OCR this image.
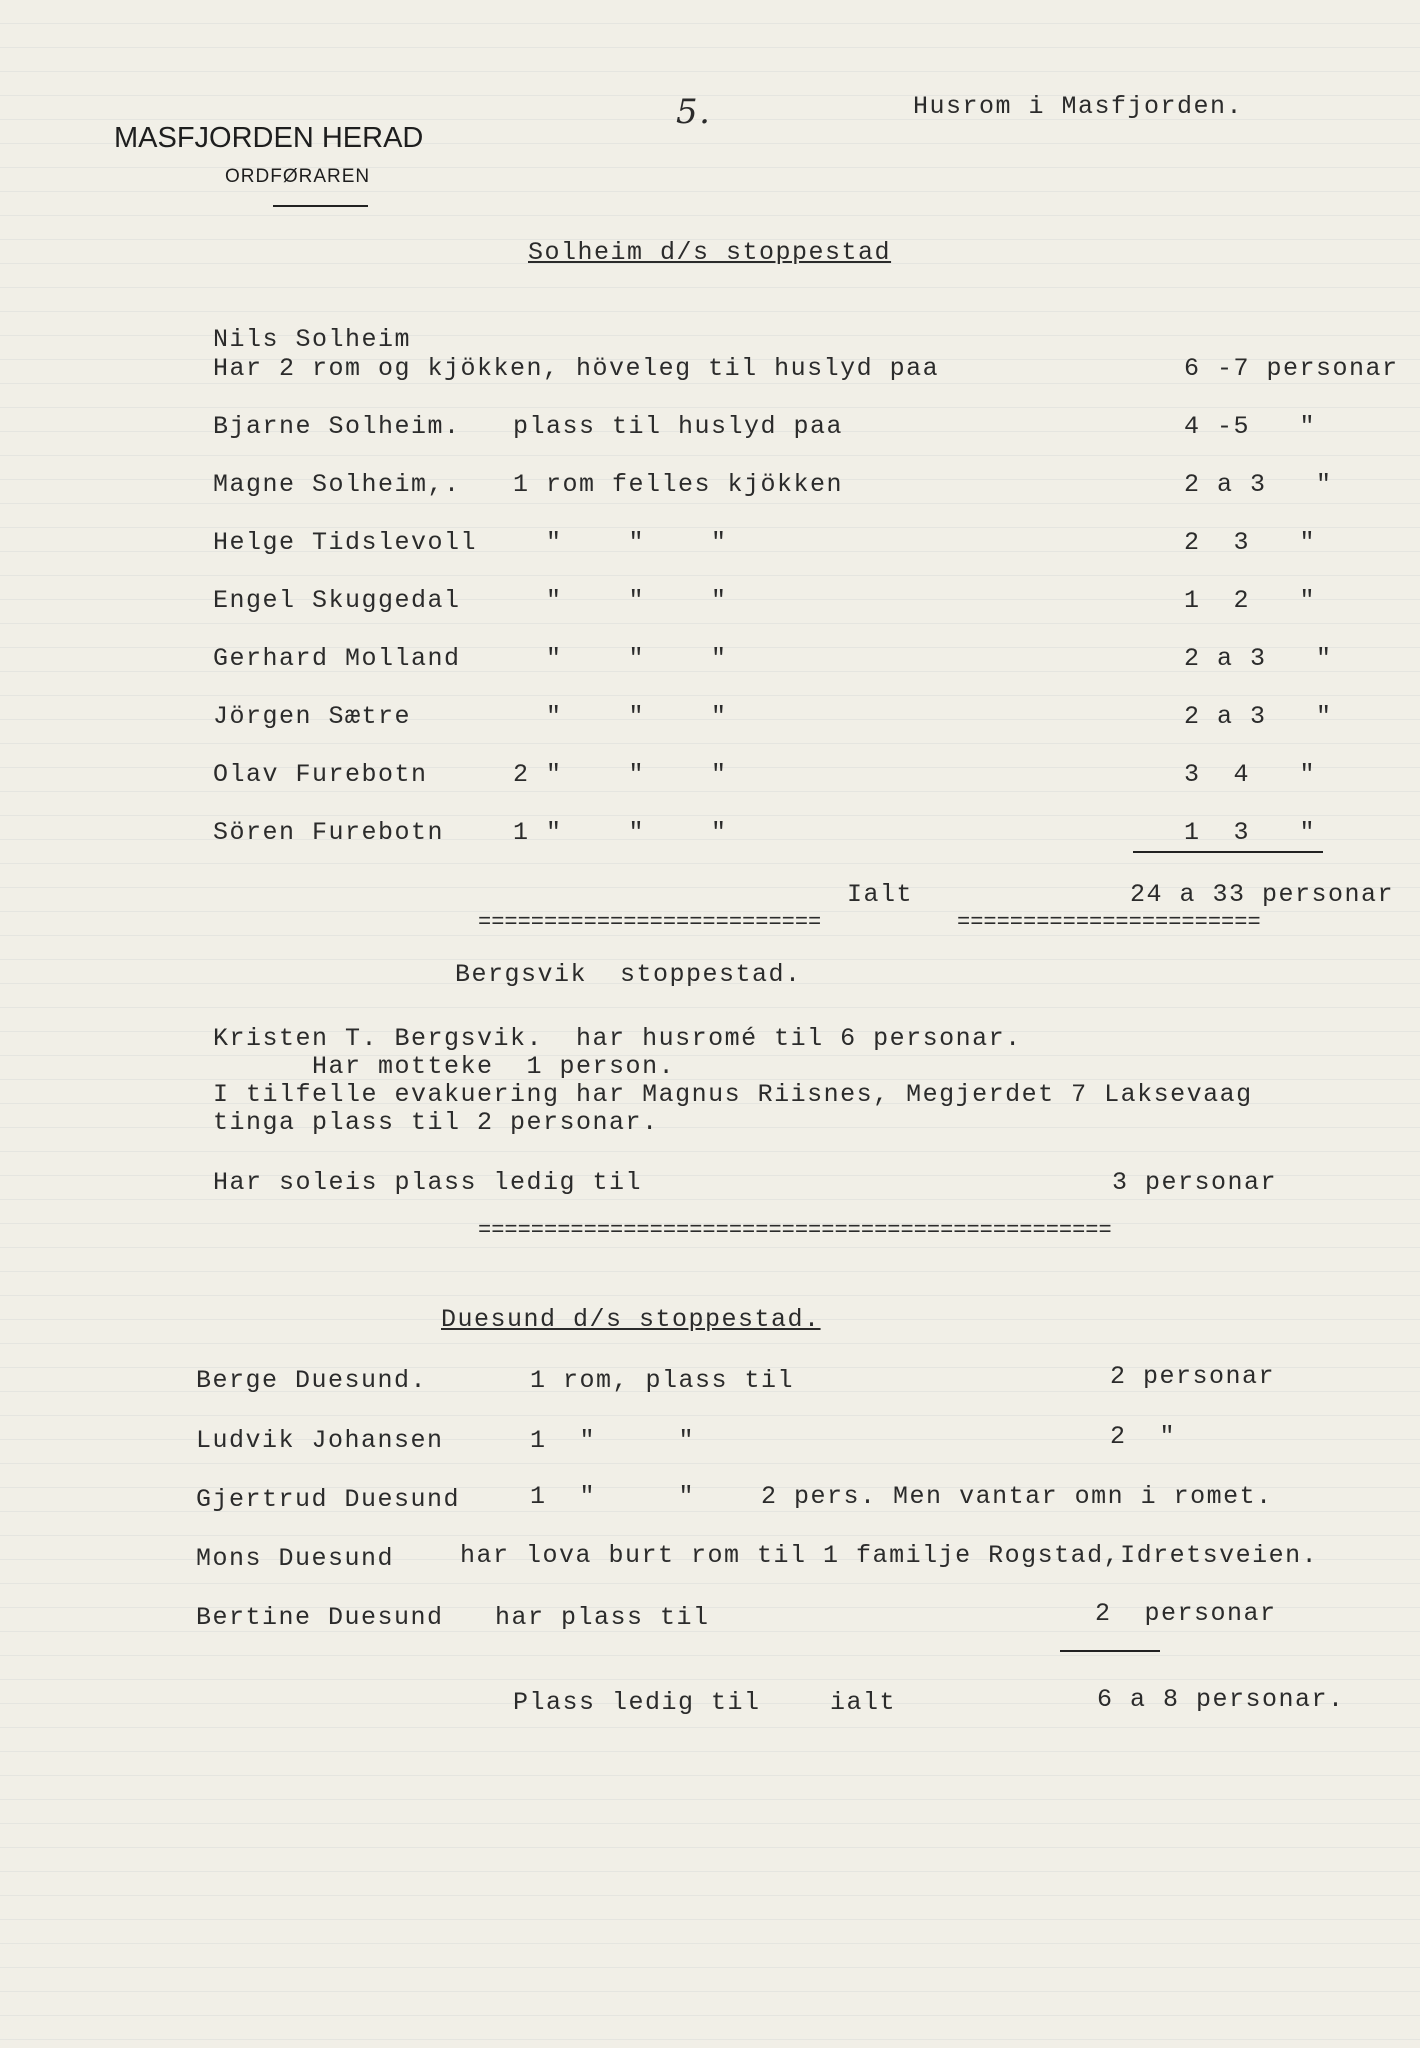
MASFJORDEN HERAD
ORDFØRAREN
5.	Husrom i Masfjorden.
Solheim d/s stoppestad
Nils Solheim
Har 2 rom og kjökken, höveleg til huslyd paa	6 -7 personar
Bjarne Solheim. plass til huslyd paa	4 -5   "
Magne Solheim,. 1 rom felles kjökken	2 a 3   "
Helge Tidslevoll "    "    "	2  3   "
Engel Skuggedal "    "    "	1  2   "
Gerhard Molland "    "    "	2 a 3   "
Jörgen Sætre	"    "    "	2 a 3   "
Olav Furebotn	2 "    "    "	3  4   "
Sören Furebotn	1 "    "    "	1  3   "
Ialt	24 a 33 personar
==========================	=======================
Bergsvik  stoppestad.
Kristen T. Bergsvik.  har husromé til 6 personar.
Har motteke  1 person.
I tilfelle evakuering har Magnus Riisnes, Megjerdet 7 Laksevaag
tinga plass til 2 personar.
Har soleis plass ledig til	3 personar
================================================
Duesund d/s stoppestad.
Berge Duesund.	1 rom, plass til	2 personar
Ludvik Johansen	1  "     "	2  "
Gjertrud Duesund	1  "     "    2 pers. Men vantar omn i romet.
Mons Duesund	har lova burt rom til 1 familje Rogstad,Idretsveien.
Bertine Duesund har plass til	2  personar
Plass ledig til	ialt	6 a 8 personar.
